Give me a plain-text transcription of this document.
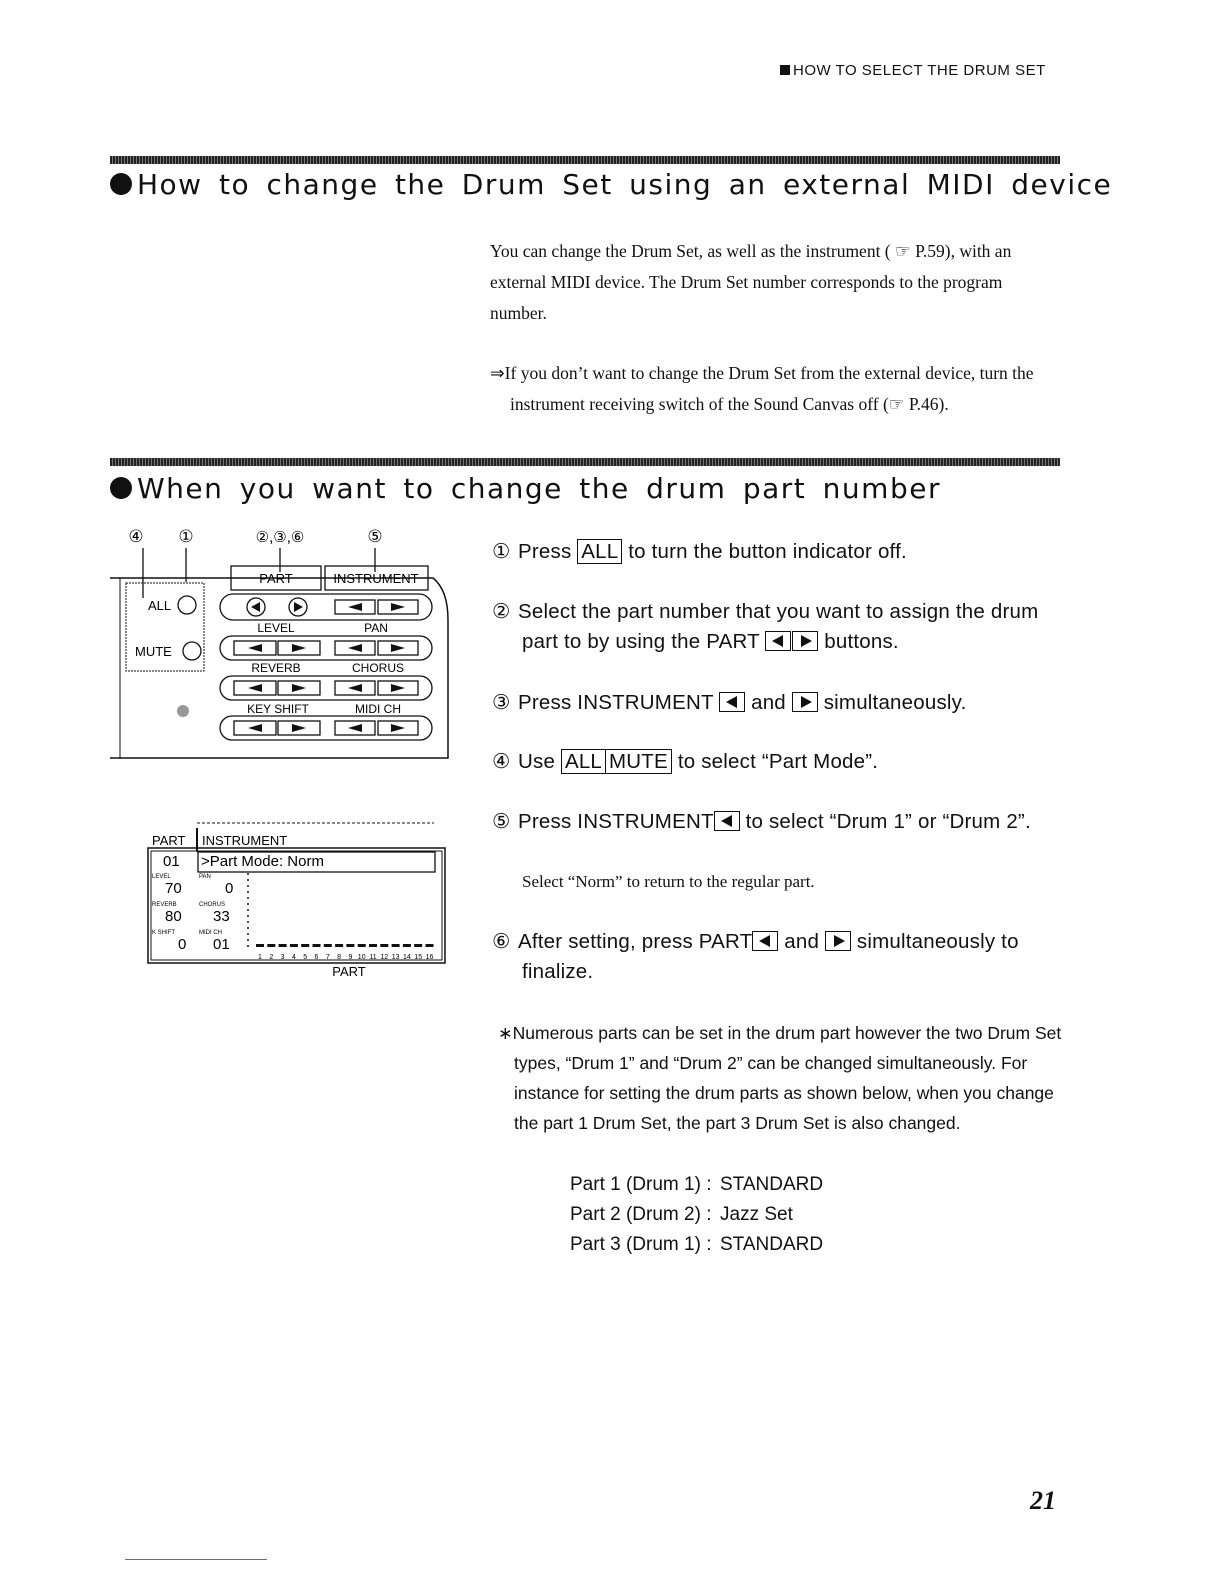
HOW TO SELECT THE DRUM SET
How to change the Drum Set using an external MIDI device
You can change the Drum Set, as well as the instrument ( ☞ P.59), with an external MIDI device. The Drum Set number corresponds to the program number.
⇒If you don’t want to change the Drum Set from the external device, turn the instrument receiving switch of the Sound Canvas off (☞ P.46).
When you want to change the drum part number
④ ①	②,③,⑥	⑤
ALL
MUTE
PART	INSTRUMENT
LEVEL	PAN
REVERB	CHORUS
KEY SHIFT	MIDI CH
PART INSTRUMENT
01 >Part Mode: Norm
LEVEL	PAN
70	0
REVERB	CHORUS
80 33
K SHIFT	MIDI CH
0 01
1 2 3 4 5 6 7 8 9 10 11 12 13 14 15 16
PART
① Press ALL to turn the button indicator off.
② Select the part number that you want to assign the drum part to by using the PART	buttons.
③ Press INSTRUMENT
and
simultaneously.
④ Use ALL MUTE to select “Part Mode”.
⑤ Press INSTRUMENT
to select “Drum 1” or “Drum 2”.
Select “Norm” to return to the regular part.
⑥ After setting, press PART
and
simultaneously to finalize.
∗Numerous parts can be set in the drum part however the two Drum Set types, “Drum 1” and “Drum 2” can be changed simultaneously. For instance for setting the drum parts as shown below, when you change the part 1 Drum Set, the part 3 Drum Set is also changed.
Part 1 (Drum 1) : STANDARD
Part 2 (Drum 2) : Jazz Set
Part 3 (Drum 1) : STANDARD
21
